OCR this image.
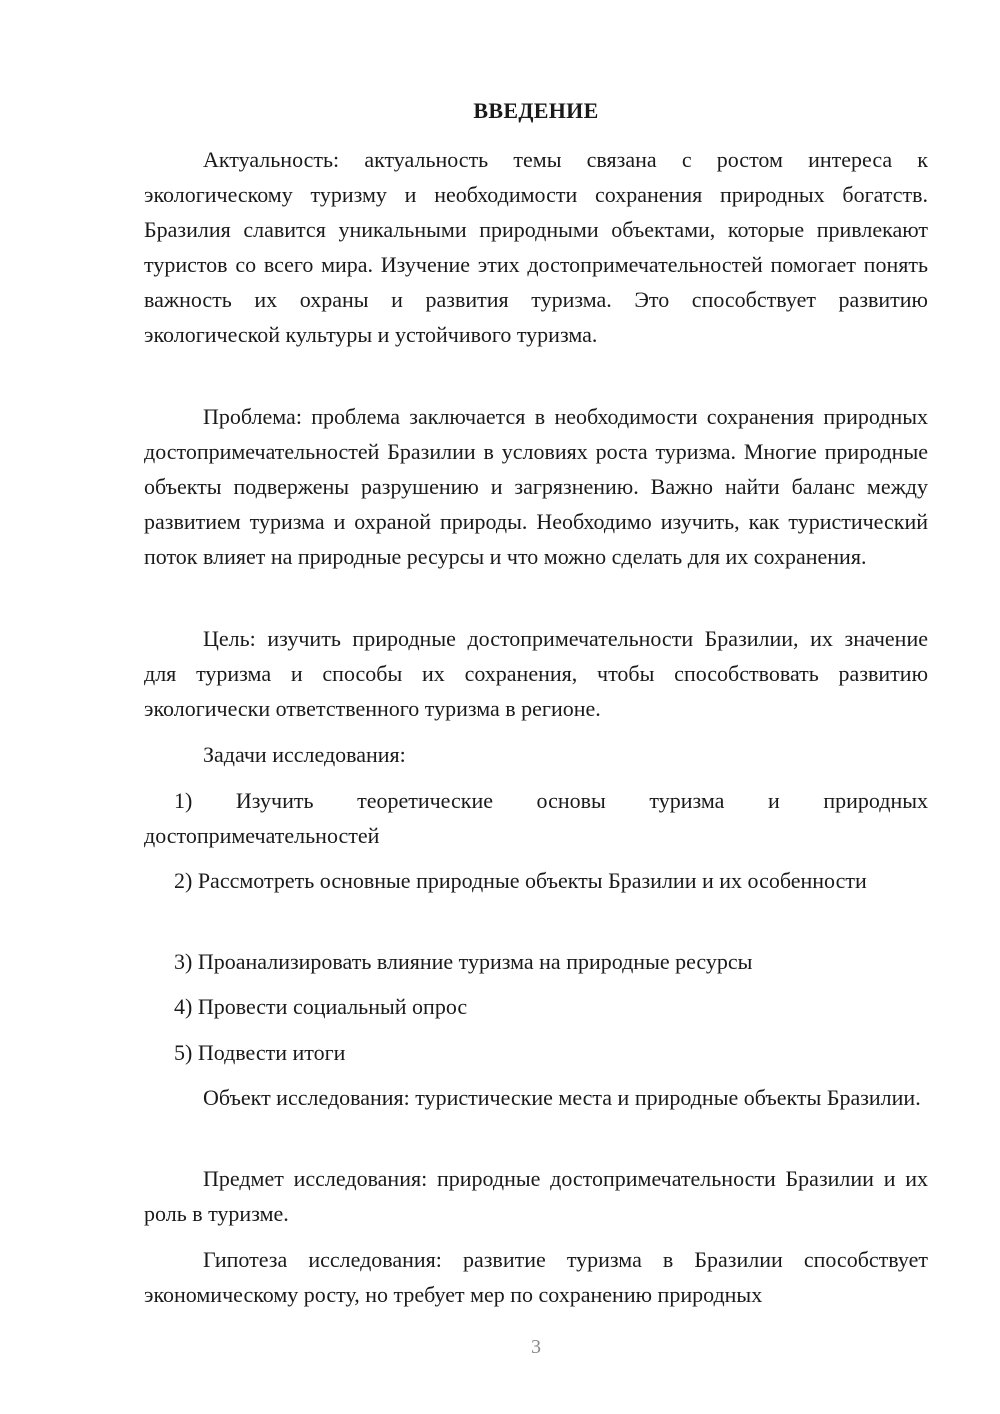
ВВЕДЕНИЕ

Актуальность: актуальность темы связана с ростом интереса к экологическому туризму и необходимости сохранения природных богатств. Бразилия славится уникальными природными объектами, которые привлекают туристов со всего мира. Изучение этих достопримечательностей помогает понять важность их охраны и развития туризма. Это способствует развитию экологической культуры и устойчивого туризма.

Проблема: проблема заключается в необходимости сохранения природных достопримечательностей Бразилии в условиях роста туризма. Многие природные объекты подвержены разрушению и загрязнению. Важно найти баланс между развитием туризма и охраной природы. Необходимо изучить, как туристический поток влияет на природные ресурсы и что можно сделать для их сохранения.

Цель: изучить природные достопримечательности Бразилии, их значение для туризма и способы их сохранения, чтобы способствовать развитию экологически ответственного туризма в регионе.

Задачи исследования:

1) Изучить теоретические основы туризма и природных достопримечательностей

2) Рассмотреть основные природные объекты Бразилии и их особенности

3) Проанализировать влияние туризма на природные ресурсы

4) Провести социальный опрос

5) Подвести итоги

Объект исследования: туристические места и природные объекты Бразилии.

Предмет исследования: природные достопримечательности Бразилии и их роль в туризме.

Гипотеза исследования: развитие туризма в Бразилии способствует экономическому росту, но требует мер по сохранению природных

3
